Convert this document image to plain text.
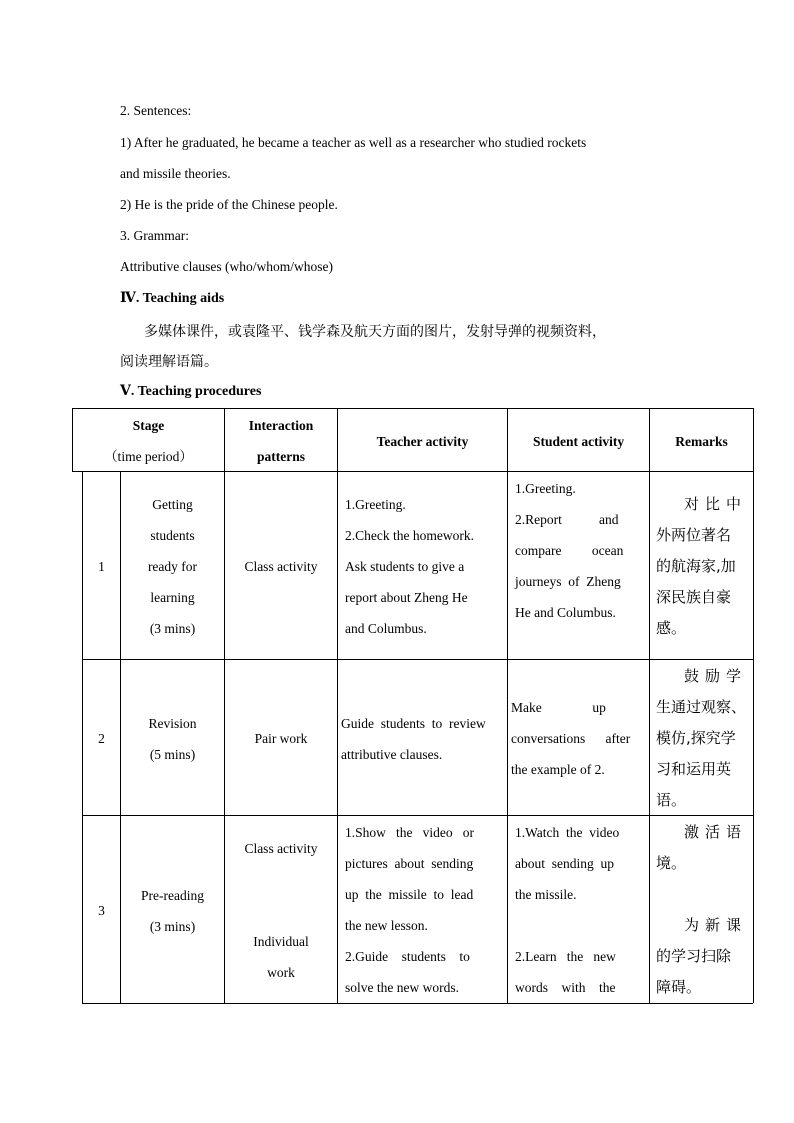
2. Sentences:
1) After he graduated, he became a teacher as well as a researcher who studied rockets
and missile theories.
2) He is the pride of the Chinese people.
3. Grammar:
Attributive clauses (who/whom/whose)
Ⅳ. Teaching aids
多媒体课件，或袁隆平、钱学森及航天方面的图片，发射导弹的视频资料，
阅读理解语篇。
Ⅴ. Teaching procedures
Stage
（time period）
Interaction
patterns
Teacher activity	Student activity	Remarks
1
Getting
students
ready for
learning
(3 mins)
Class activity
1.Greeting.
2.Check the homework.
Ask students to give a
report about Zheng He
and Columbus.
1.Greeting.
2.Report           and
compare         ocean
journeys  of  Zheng
He and Columbus.
对比中
外两位著名
的航海家,加
深民族自豪
感。
2
Revision
(5 mins)
Pair work
Guide  students  to  review
attributive clauses.
Make               up
conversations      after
the example of 2.
鼓励学
生通过观察、
模仿,探究学
习和运用英
语。
3
Pre-reading
(3 mins)
Class activity
Individual
work
1.Show   the   video   or
pictures  about  sending
up  the  missile  to  lead
the new lesson.
2.Guide    students    to
solve the new words.
1.Watch  the  video
about  sending  up
the missile.
2.Learn   the   new
words    with    the
激活语
境。
为新课
的学习扫除
障碍。
